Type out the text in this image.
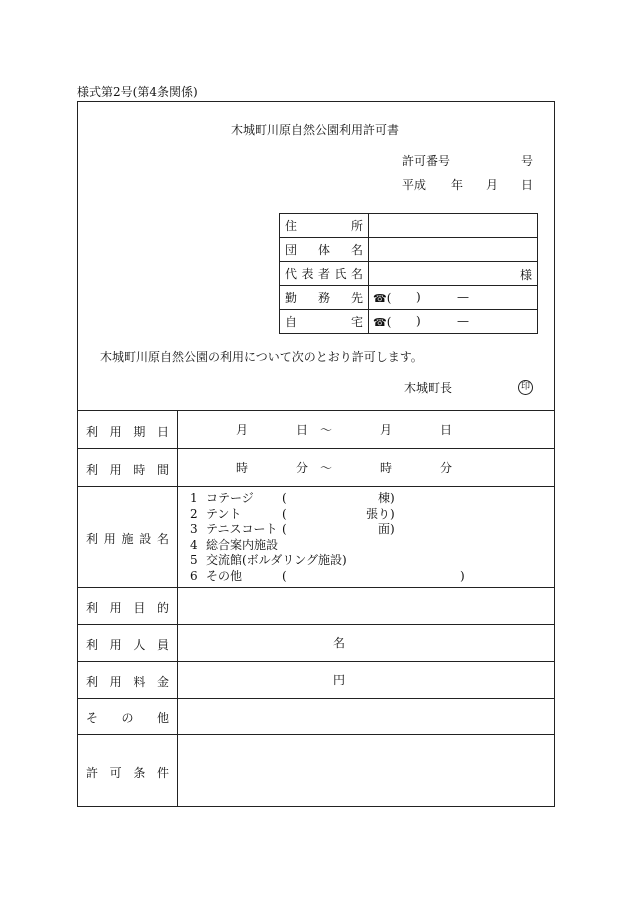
様式第2号(第4条関係)
木城町川原自然公園利用許可書
許可番号	号
平成 年 月 日
住 所	

団 体 名	

代 表 者 氏 名	様

勤 務 先	☎( ) —

自 宅	☎( ) —
木城町川原自然公園の利用について次のとおり許可します。
木城町長	印
利 用 期 日	月	日 〜	月	日
利 用 時 間	時	分 〜	時	分
利 用 施 設 名
1 コテージ (	棟)
2 テント	(	張り)
3 テニスコート (	面)
4 総合案内施設
5 交流館(ボルダリング施設)
6 その他	(	)
利 用 目 的
利 用 人 員	名
利 用 料 金	円
そ の 他
許 可 条 件
